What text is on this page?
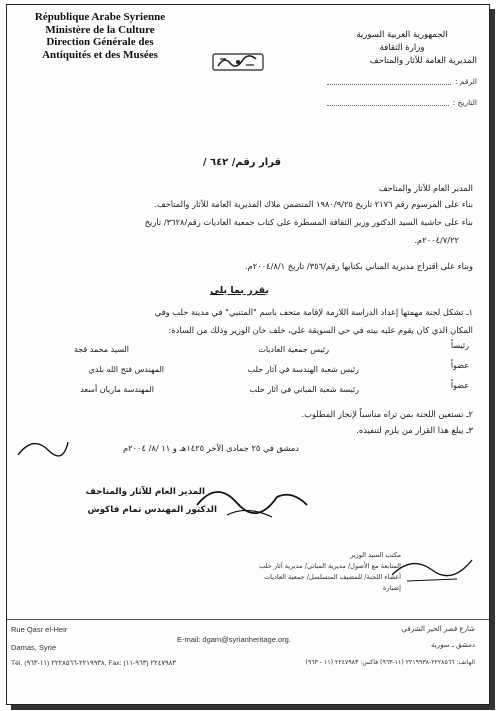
République Arabe Syrienne
Ministère de la Culture
Direction Générale des
Antiquités et des Musées
الجمهورية العربية السورية
وزارة الثقافة
المديرية العامة للآثار والمتاحف
الرقم :
التاريخ :
قرار رقم/ ٦٤٢ /
المدير العام للآثار والمتاحف
بناء على المرسوم رقم ٢١٧٦ تاريخ ١٩٨٠/٩/٢٥ المتضمن ملاك المديرية العامة للآثار والمتاحف.
بناء على حاشية السيد الدكتور وزير الثقافة المسطرة على كتاب جمعية العاديات رقم/٣٦٢٨/ تاريخ
٢٠٠٤/٧/٢٢م.
وبناء على اقتراح مديرية المباني بكتابها رقم/٣٥٦/ تاريخ ٢٠٠٤/٨/١م.
يقرر بما يلي
١ـ تشكل لجنة مهمتها إعداد الدراسة اللازمة لإقامة متحف باسم "المتنبي" في مدينة حلب وفي
المكان الذي كان يقوم عليه بيته في حي السويقة علي، خلف خان الوزير وذلك من السادة:
السيد محمد قجة	رئيس جمعية العاديات	رئيساً
المهندس فتح الله بلدي	رئيس شعبة الهندسة في آثار حلب	عضواً
المهندسة ماريان أسعد	رئيسة شعبة المباني في آثار حلب	عضواً
٢ـ تستعين اللجنة بمن تراه مناسباً لإنجاز المطلوب.
٣ـ يبلغ هذا القرار من يلزم لتنفيذه.
دمشق في ٢٥ جمادى الآخر ١٤٢٥هـ و ١١ /٨/ ٢٠٠٤م
المدير العام للآثار والمتاحف
الدكتور المهندس تمام فاكوش
مكتب السيد الوزير
المتابعة مع الأصول/ مديرية المباني/ مديرية آثار حلب
أعضاء اللجنة/ للمضيف المتسلسل/ جمعية العاديات
إضبارة
Rue Qasr el-Heir
Damas, Syrie
E-mail: dgam@syrianheritage.org.
Tél. (١١-٩٦٣) ٢٢١٩٩٣٨-٢٢٢٨٥٦٦, Fax: (٩٦٣-١١) ٢٢٤٧٩٨٣
شارع قصر الحير الشرقي
دمشق ـ سورية
الهاتف: ٢٢٢٨٥٦٦-٢٢١٩٩٣٨ (١١-٩٦٣) فاكس: ٢٢٤٧٩٨٣ (١١ - ٩٦٣)
